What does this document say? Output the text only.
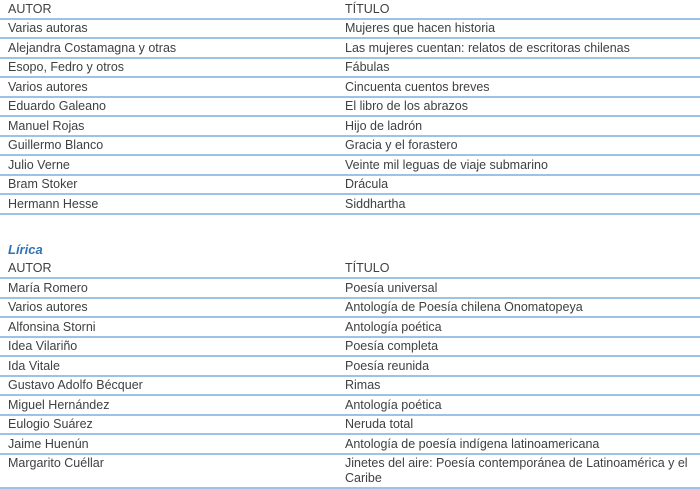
AUTOR	TÍTULO
Varias autoras	Mujeres que hacen historia
Alejandra Costamagna y otras	Las mujeres cuentan: relatos de escritoras chilenas
Esopo, Fedro y otros	Fábulas
Varios autores	Cincuenta cuentos breves
Eduardo Galeano	El libro de los abrazos
Manuel Rojas	Hijo de ladrón
Guillermo Blanco	Gracia y el forastero
Julio Verne	Veinte mil leguas de viaje submarino
Bram Stoker	Drácula
Hermann Hesse	Siddhartha
Lírica
AUTOR	TÍTULO
María Romero	Poesía universal
Varios autores	Antología de Poesía chilena Onomatopeya
Alfonsina Storni	Antología poética
Idea Vilariño	Poesía completa
Ida Vitale	Poesía reunida
Gustavo Adolfo Bécquer	Rimas
Miguel Hernández	Antología poética
Eulogio Suárez	Neruda total
Jaime Huenún	Antología de poesía indígena latinoamericana
Margarito Cuéllar	Jinetes del aire: Poesía contemporánea de Latinoamérica y el Caribe
